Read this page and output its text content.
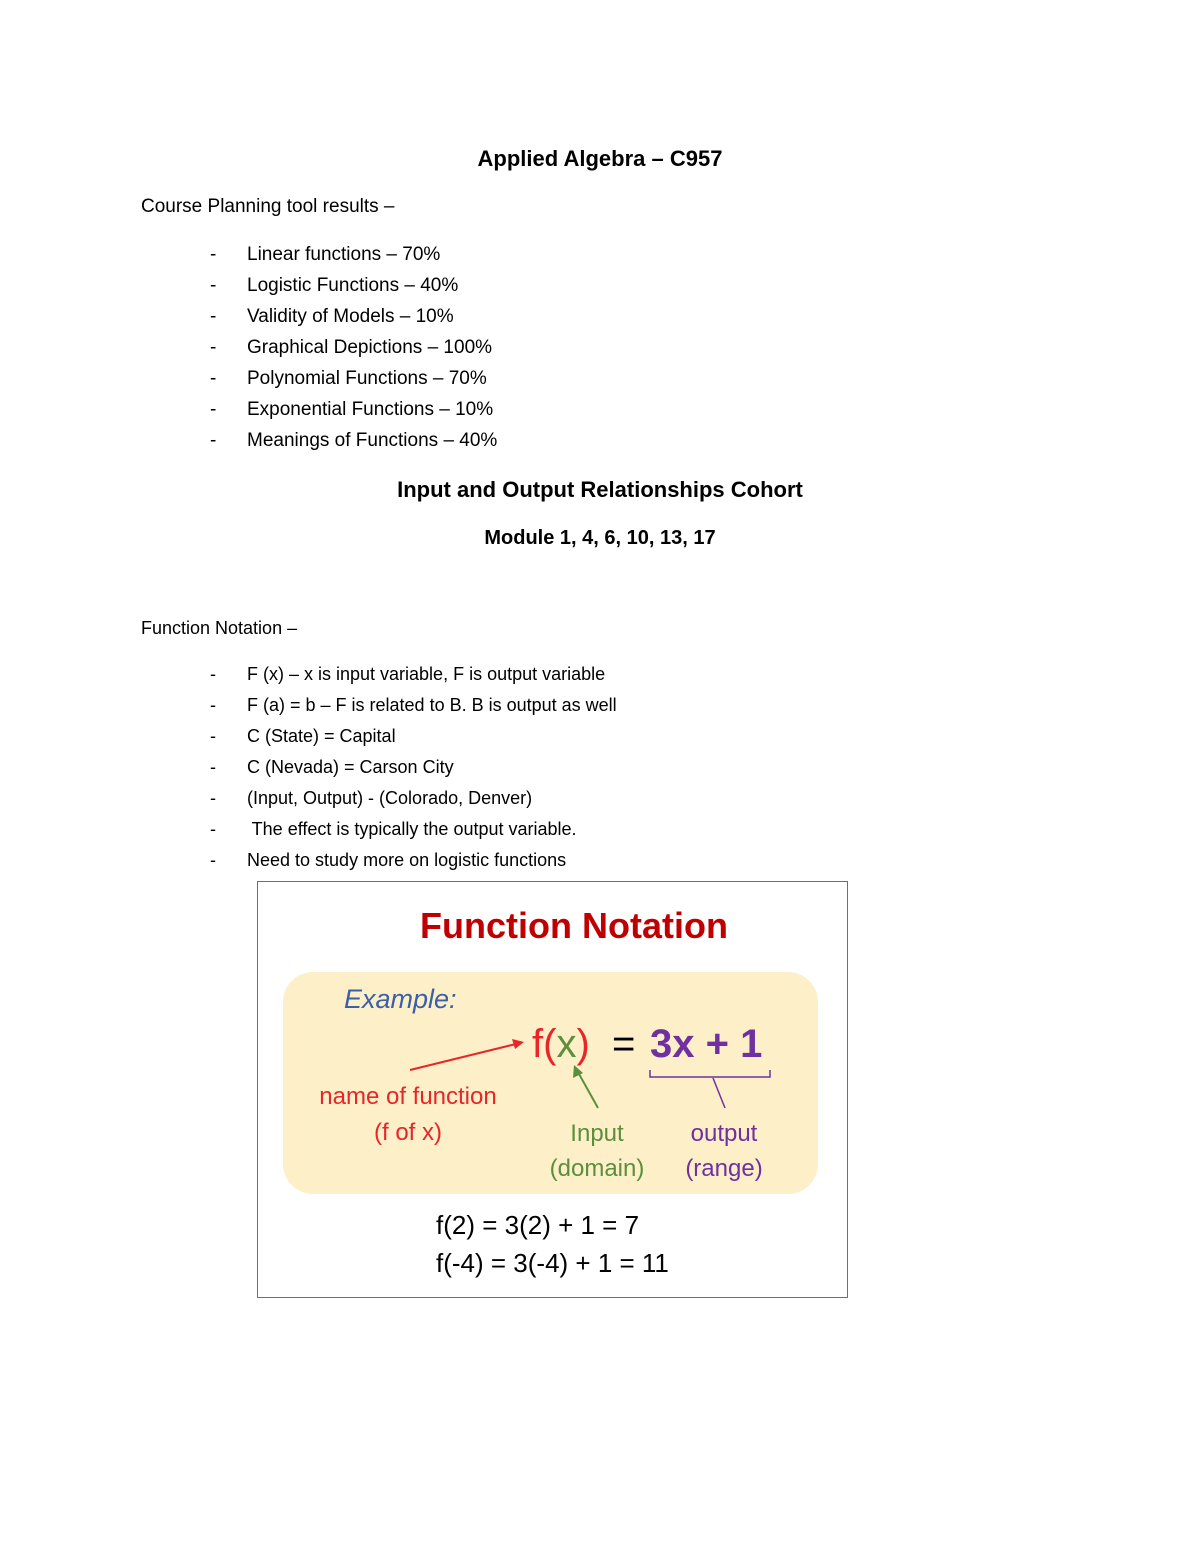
Applied Algebra – C957
Course Planning tool results –
- Linear functions – 70%
- Logistic Functions – 40%
- Validity of Models – 10%
- Graphical Depictions – 100%
- Polynomial Functions – 70%
- Exponential Functions – 10%
- Meanings of Functions – 40%
Input and Output Relationships Cohort
Module 1, 4, 6, 10, 13, 17
Function Notation –
- F (x) – x is input variable, F is output variable
- F (a) = b – F is related to B. B is output as well
- C (State) = Capital
- C (Nevada) = Carson City
- (Input, Output) - (Colorado, Denver)
- The effect is typically the output variable.
- Need to study more on logistic functions
Function Notation
Example:
f(x) = 3x + 1
name of function
(f of x)	Input
(domain)
output
(range)
f(2) = 3(2) + 1 = 7
f(-4) = 3(-4) + 1 = 11
